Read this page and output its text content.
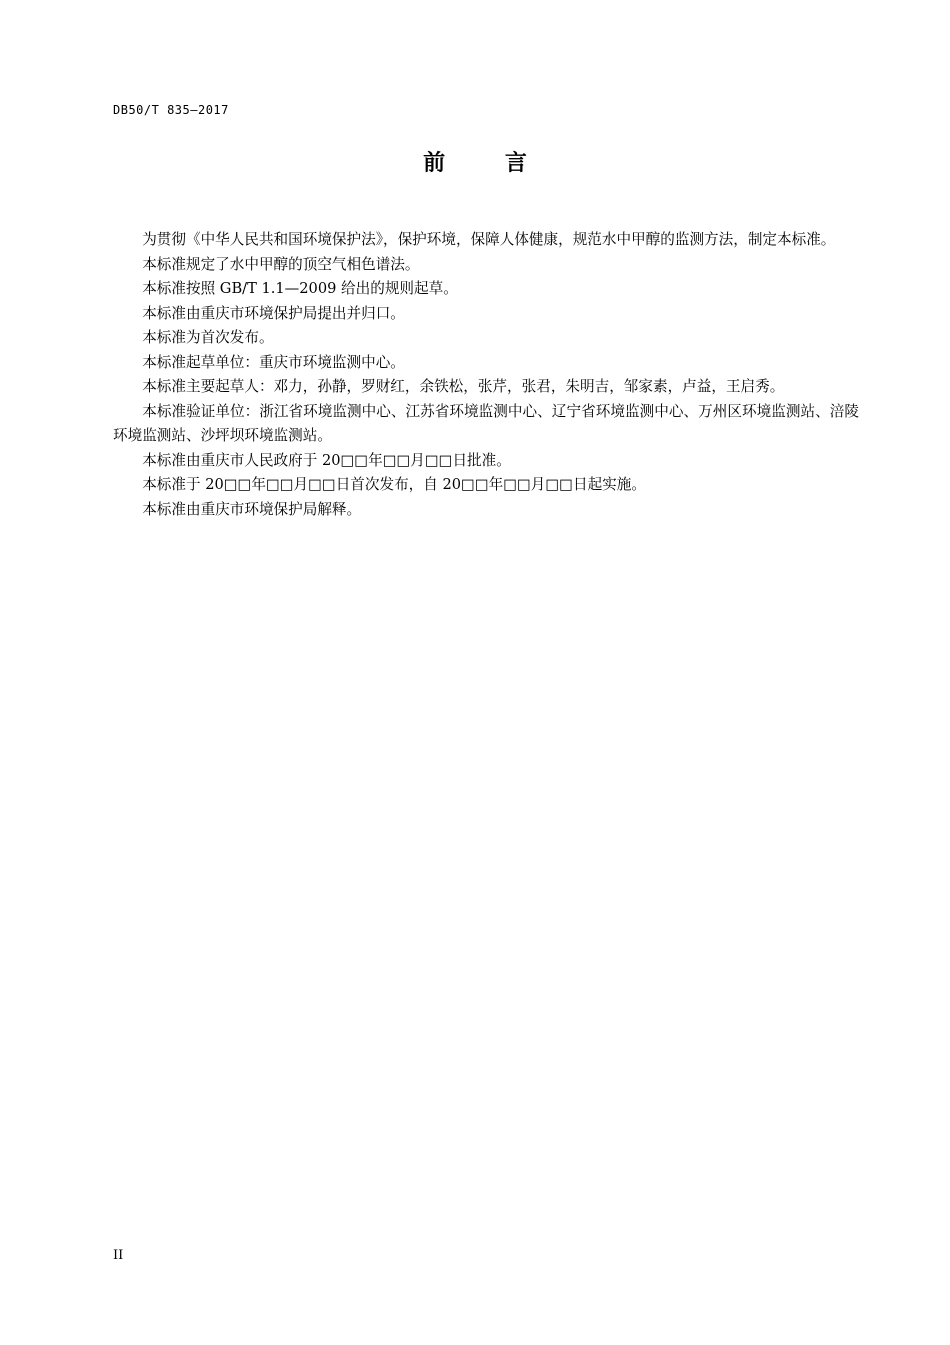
DB50/T 835—2017
前 言

为贯彻《中华人民共和国环境保护法》，保护环境，保障人体健康，规范水中甲醇的监测方法，制定本标准。

本标准规定了水中甲醇的顶空气相色谱法。

本标准按照 GB/T 1.1—2009 给出的规则起草。

本标准由重庆市环境保护局提出并归口。

本标准为首次发布。

本标准起草单位：重庆市环境监测中心。

本标准主要起草人：邓力，孙静，罗财红，余铁松，张芹，张君，朱明吉，邹家素，卢益，王启秀。

本标准验证单位：浙江省环境监测中心、江苏省环境监测中心、辽宁省环境监测中心、万州区环境监测站、涪陵环境监测站、沙坪坝环境监测站。

本标准由重庆市人民政府于 20□□年□□月□□日批准。

本标准于 20□□年□□月□□日首次发布，自 20□□年□□月□□日起实施。

本标准由重庆市环境保护局解释。

II
